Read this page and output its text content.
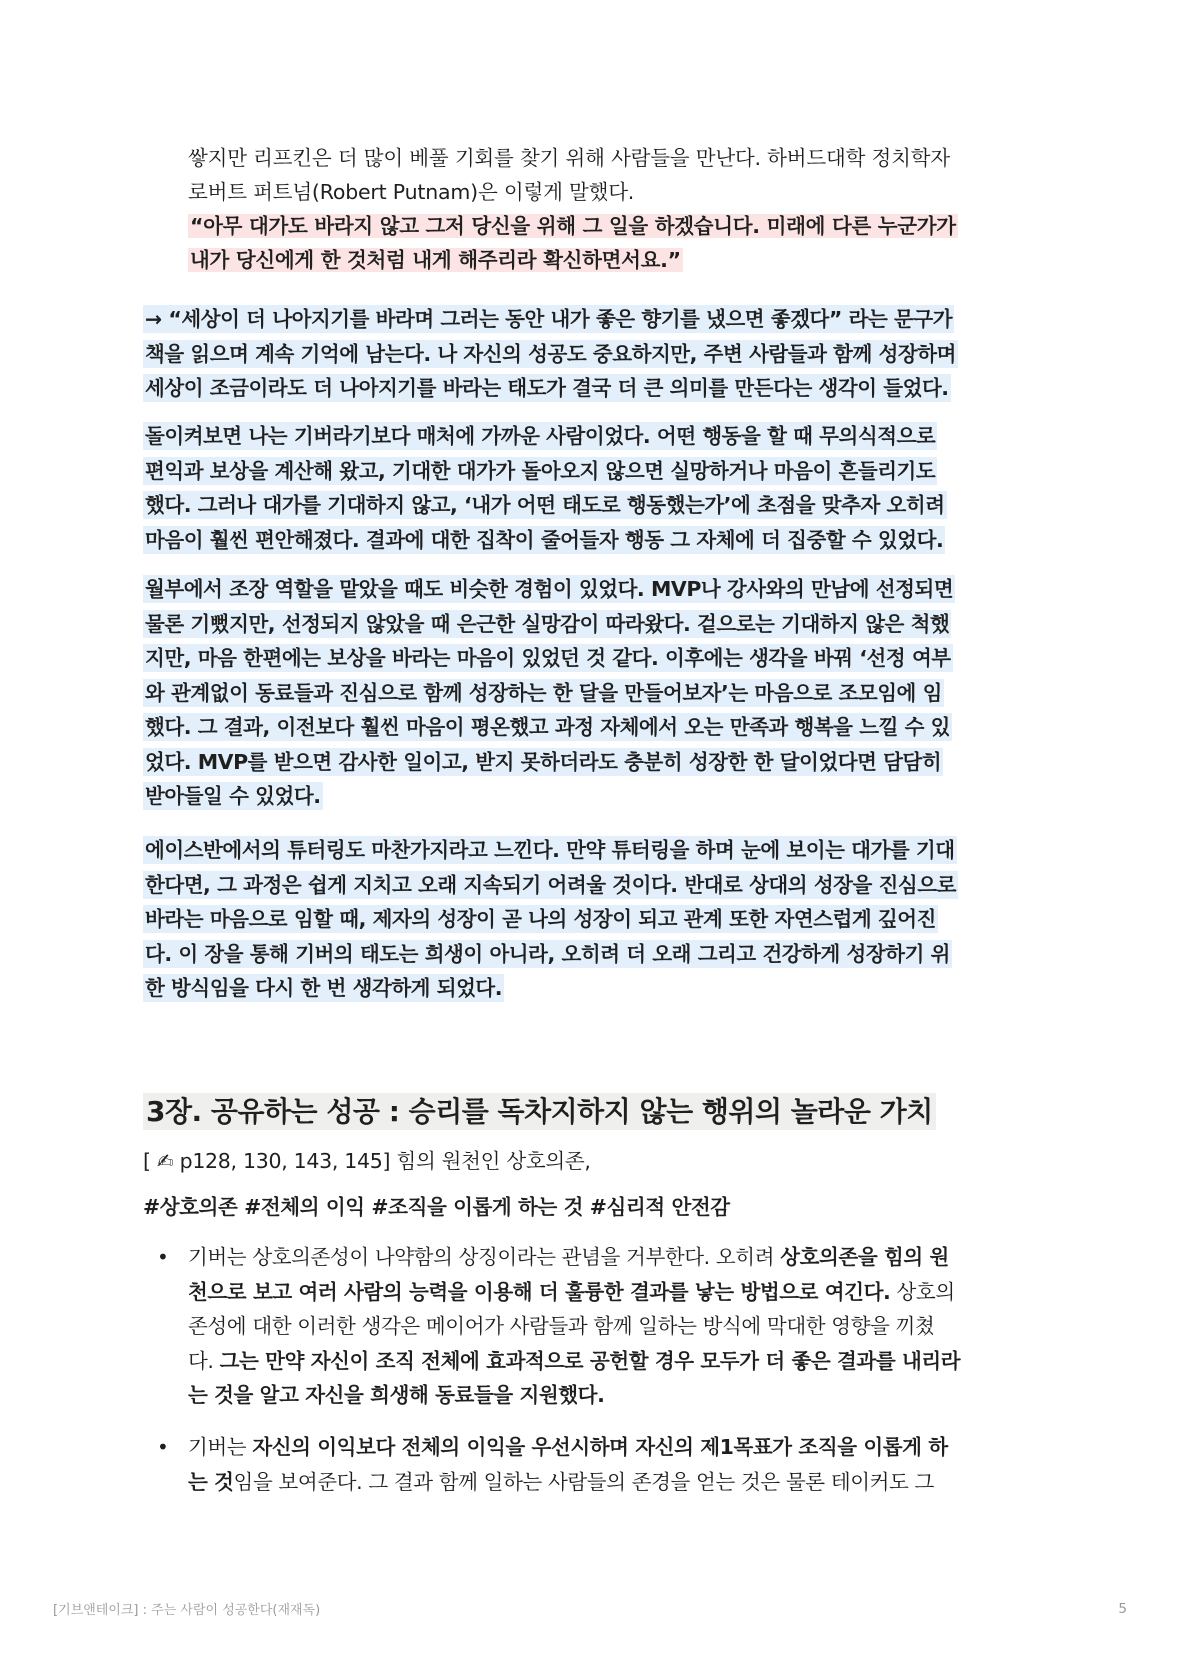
쌓지만 리프킨은 더 많이 베풀 기회를 찾기 위해 사람들을 만난다. 하버드대학 정치학자
로버트 퍼트넘(Robert Putnam)은 이렇게 말했다.

“아무 대가도 바라지 않고 그저 당신을 위해 그 일을 하겠습니다. 미래에 다른 누군가가
내가 당신에게 한 것처럼 내게 해주리라 확신하면서요.”

→ “세상이 더 나아지기를 바라며 그러는 동안 내가 좋은 향기를 냈으면 좋겠다” 라는 문구가
책을 읽으며 계속 기억에 남는다. 나 자신의 성공도 중요하지만, 주변 사람들과 함께 성장하며
세상이 조금이라도 더 나아지기를 바라는 태도가 결국 더 큰 의미를 만든다는 생각이 들었다.

돌이켜보면 나는 기버라기보다 매처에 가까운 사람이었다. 어떤 행동을 할 때 무의식적으로
편익과 보상을 계산해 왔고, 기대한 대가가 돌아오지 않으면 실망하거나 마음이 흔들리기도
했다. 그러나 대가를 기대하지 않고, ‘내가 어떤 태도로 행동했는가’에 초점을 맞추자 오히려
마음이 훨씬 편안해졌다. 결과에 대한 집착이 줄어들자 행동 그 자체에 더 집중할 수 있었다.

월부에서 조장 역할을 맡았을 때도 비슷한 경험이 있었다. MVP나 강사와의 만남에 선정되면
물론 기뻤지만, 선정되지 않았을 때 은근한 실망감이 따라왔다. 겉으로는 기대하지 않은 척했
지만, 마음 한편에는 보상을 바라는 마음이 있었던 것 같다. 이후에는 생각을 바꿔 ‘선정 여부
와 관계없이 동료들과 진심으로 함께 성장하는 한 달을 만들어보자’는 마음으로 조모임에 임
했다. 그 결과, 이전보다 훨씬 마음이 평온했고 과정 자체에서 오는 만족과 행복을 느낄 수 있
었다. MVP를 받으면 감사한 일이고, 받지 못하더라도 충분히 성장한 한 달이었다면 담담히
받아들일 수 있었다.

에이스반에서의 튜터링도 마찬가지라고 느낀다. 만약 튜터링을 하며 눈에 보이는 대가를 기대
한다면, 그 과정은 쉽게 지치고 오래 지속되기 어려울 것이다. 반대로 상대의 성장을 진심으로
바라는 마음으로 임할 때, 제자의 성장이 곧 나의 성장이 되고 관계 또한 자연스럽게 깊어진
다. 이 장을 통해 기버의 태도는 희생이 아니라, 오히려 더 오래 그리고 건강하게 성장하기 위
한 방식임을 다시 한 번 생각하게 되었다.

3장. 공유하는 성공 : 승리를 독차지하지 않는 행위의 놀라운 가치

[ ✍ p128, 130, 143, 145] 힘의 원천인 상호의존,

#상호의존 #전체의 이익 #조직을 이롭게 하는 것 #심리적 안전감

• 기버는 상호의존성이 나약함의 상징이라는 관념을 거부한다. 오히려 상호의존을 힘의 원
천으로 보고 여러 사람의 능력을 이용해 더 훌륭한 결과를 낳는 방법으로 여긴다. 상호의
존성에 대한 이러한 생각은 메이어가 사람들과 함께 일하는 방식에 막대한 영향을 끼쳤
다. 그는 만약 자신이 조직 전체에 효과적으로 공헌할 경우 모두가 더 좋은 결과를 내리라
는 것을 알고 자신을 희생해 동료들을 지원했다.

• 기버는 자신의 이익보다 전체의 이익을 우선시하며 자신의 제1목표가 조직을 이롭게 하
는 것임을 보여준다. 그 결과 함께 일하는 사람들의 존경을 얻는 것은 물론 테이커도 그

[기브앤테이크] : 주는 사람이 성공한다(재재독)	5
